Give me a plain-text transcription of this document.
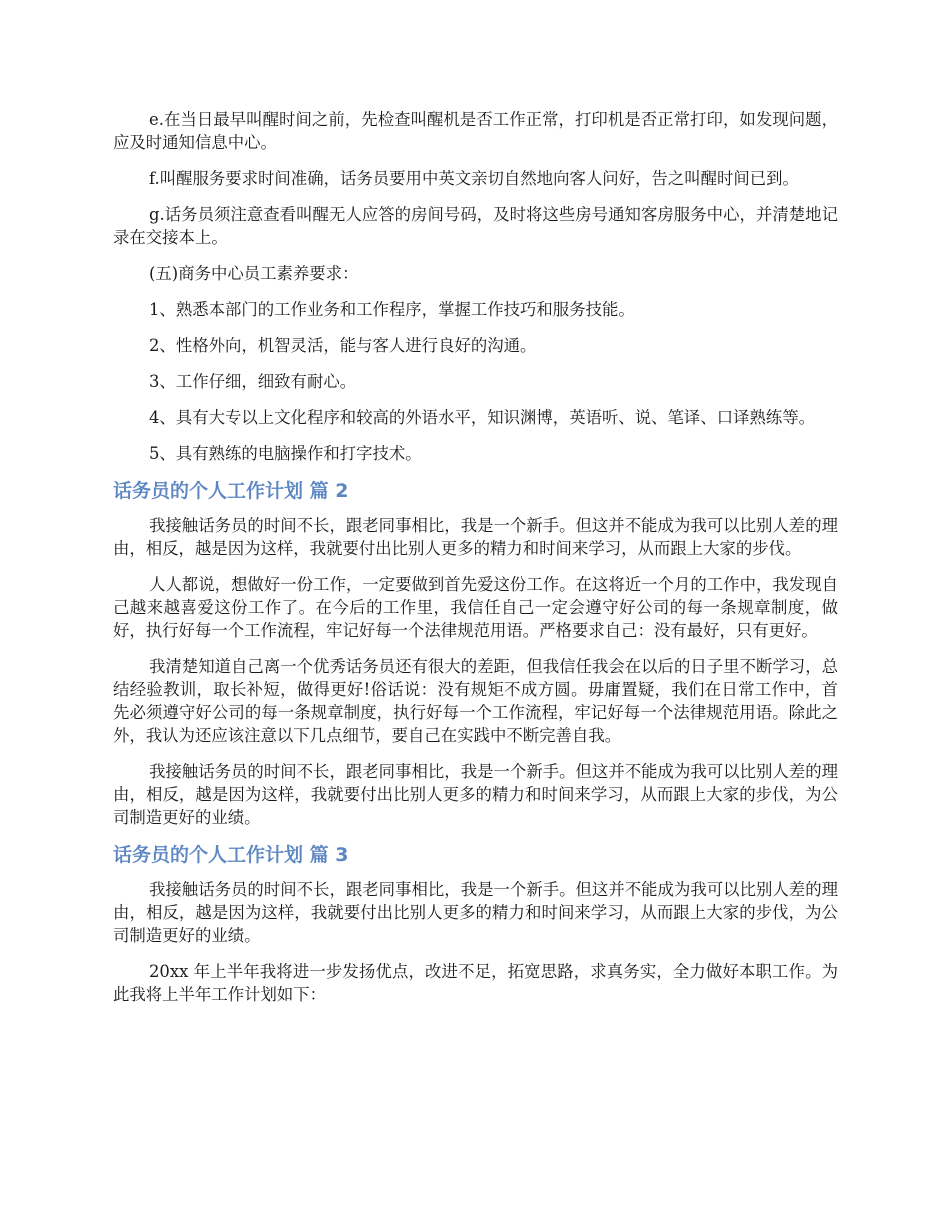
e.在当日最早叫醒时间之前，先检查叫醒机是否工作正常，打印机是否正常打印，如发现问题，应及时通知信息中心。

f.叫醒服务要求时间准确，话务员要用中英文亲切自然地向客人问好，告之叫醒时间已到。

g.话务员须注意查看叫醒无人应答的房间号码，及时将这些房号通知客房服务中心，并清楚地记录在交接本上。

(五)商务中心员工素养要求：

1、熟悉本部门的工作业务和工作程序，掌握工作技巧和服务技能。

2、性格外向，机智灵活，能与客人进行良好的沟通。

3、工作仔细，细致有耐心。

4、具有大专以上文化程序和较高的外语水平，知识渊博，英语听、说、笔译、口译熟练等。

5、具有熟练的电脑操作和打字技术。

话务员的个人工作计划 篇 2

我接触话务员的时间不长，跟老同事相比，我是一个新手。但这并不能成为我可以比别人差的理由，相反，越是因为这样，我就要付出比别人更多的精力和时间来学习，从而跟上大家的步伐。

人人都说，想做好一份工作，一定要做到首先爱这份工作。在这将近一个月的工作中，我发现自己越来越喜爱这份工作了。在今后的工作里，我信任自己一定会遵守好公司的每一条规章制度，做好，执行好每一个工作流程，牢记好每一个法律规范用语。严格要求自己：没有最好，只有更好。

我清楚知道自己离一个优秀话务员还有很大的差距，但我信任我会在以后的日子里不断学习，总结经验教训，取长补短，做得更好!俗话说：没有规矩不成方圆。毋庸置疑，我们在日常工作中，首先必须遵守好公司的每一条规章制度，执行好每一个工作流程，牢记好每一个法律规范用语。除此之外，我认为还应该注意以下几点细节，要自己在实践中不断完善自我。

我接触话务员的时间不长，跟老同事相比，我是一个新手。但这并不能成为我可以比别人差的理由，相反，越是因为这样，我就要付出比别人更多的精力和时间来学习，从而跟上大家的步伐，为公司制造更好的业绩。

话务员的个人工作计划 篇 3

我接触话务员的时间不长，跟老同事相比，我是一个新手。但这并不能成为我可以比别人差的理由，相反，越是因为这样，我就要付出比别人更多的精力和时间来学习，从而跟上大家的步伐，为公司制造更好的业绩。

20xx 年上半年我将进一步发扬优点，改进不足，拓宽思路，求真务实，全力做好本职工作。为此我将上半年工作计划如下：
